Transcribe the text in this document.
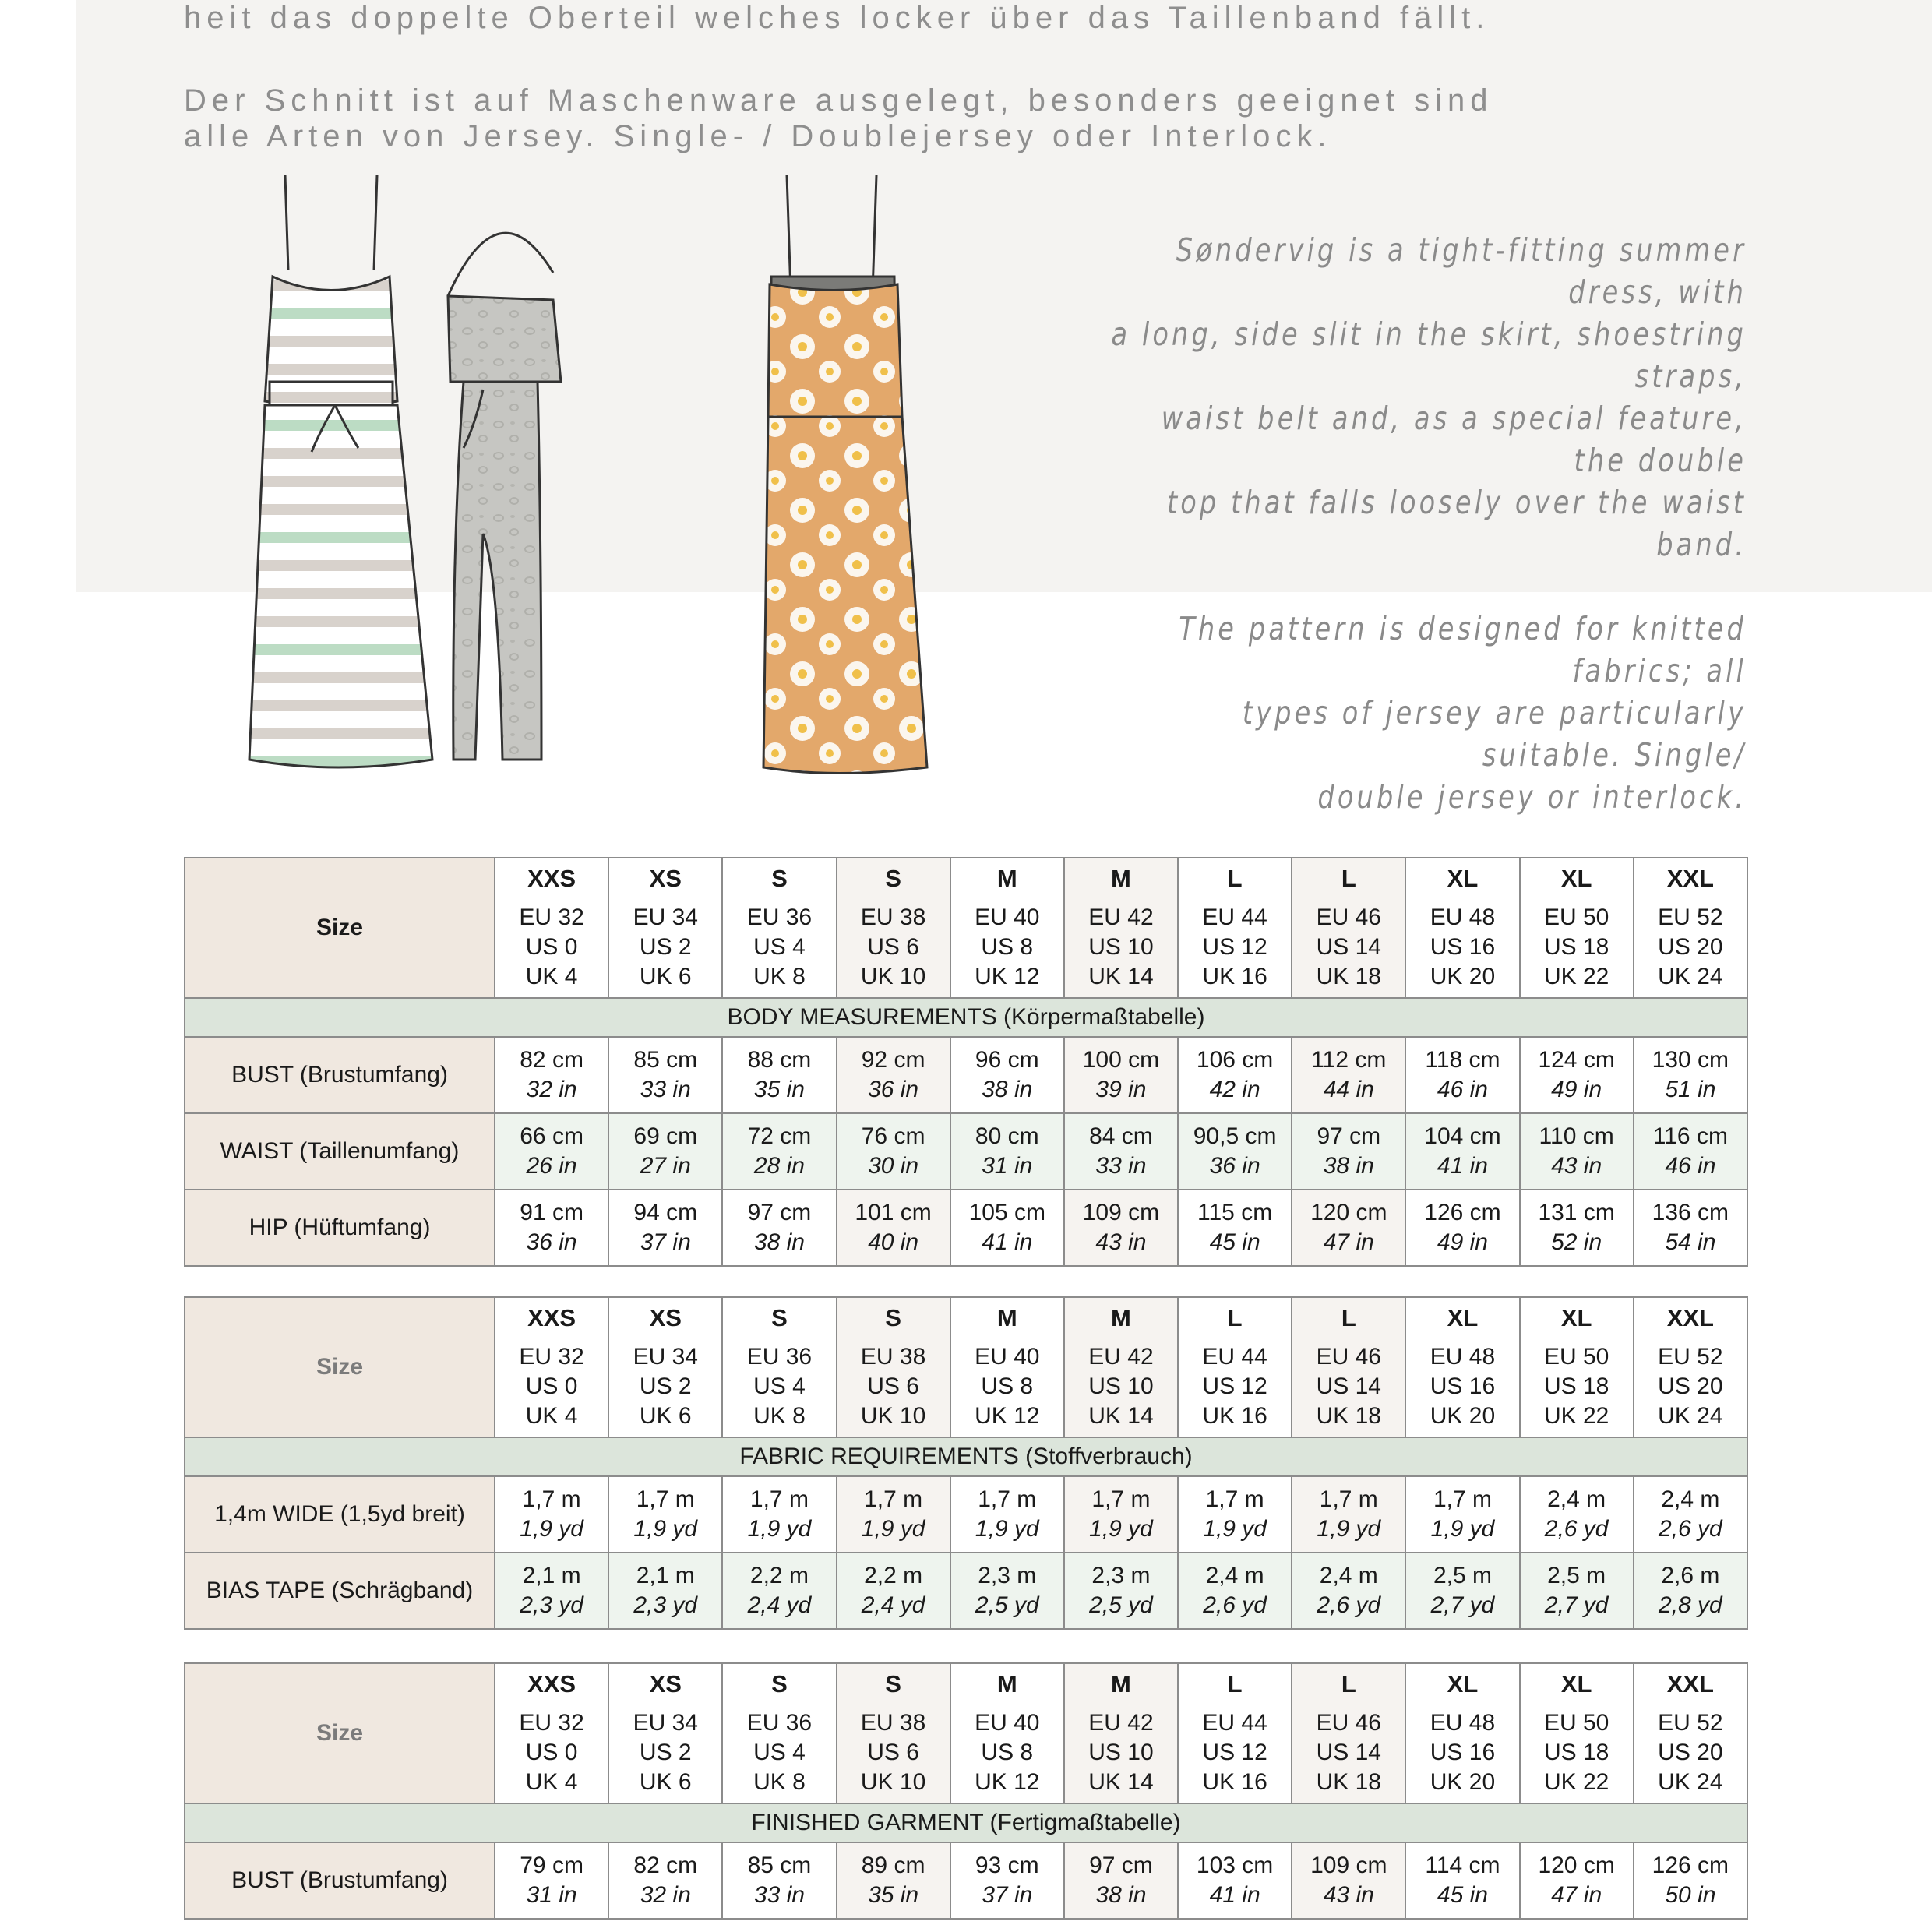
heit das doppelte Oberteil welches locker über das Taillenband fällt.

Der Schnitt ist auf Maschenware ausgelegt, besonders geeignet sind

alle Arten von Jersey. Single- / Doublejersey oder Interlock.

Søndervig is a tight-fitting summer dress, with

a long, side slit in the skirt, shoestring straps,

waist belt and, as a special feature, the double

top that falls loosely over the waist band.

The pattern is designed for knitted fabrics; all

types of jersey are particularly suitable. Single/

double jersey or interlock.

Size	XXS
EU 32
US 0
UK 4	XS
EU 34
US 2
UK 6	S
EU 36
US 4
UK 8	S
EU 38
US 6
UK 10	M
EU 40
US 8
UK 12	M
EU 42
US 10
UK 14	L
EU 44
US 12
UK 16	L
EU 46
US 14
UK 18	XL
EU 48
US 16
UK 20	XL
EU 50
US 18
UK 22	XXL
EU 52
US 20
UK 24
BODY MEASUREMENTS (Körpermaßtabelle)											
BUST (Brustumfang)	82 cm
32 in	85 cm
33 in	88 cm
35 in	92 cm
36 in	96 cm
38 in	100 cm
39 in	106 cm
42 in	112 cm
44 in	118 cm
46 in	124 cm
49 in	130 cm
51 in

WAIST (Taillenumfang)	66 cm
26 in	69 cm
27 in	72 cm
28 in	76 cm
30 in	80 cm
31 in	84 cm
33 in	90,5 cm
36 in	97 cm
38 in	104 cm
41 in	110 cm
43 in	116 cm
46 in

HIP (Hüftumfang)	91 cm
36 in	94 cm
37 in	97 cm
38 in	101 cm
40 in	105 cm
41 in	109 cm
43 in	115 cm
45 in	120 cm
47 in	126 cm
49 in	131 cm
52 in	136 cm
54 in
Size	XXS
EU 32
US 0
UK 4	XS
EU 34
US 2
UK 6	S
EU 36
US 4
UK 8	S
EU 38
US 6
UK 10	M
EU 40
US 8
UK 12	M
EU 42
US 10
UK 14	L
EU 44
US 12
UK 16	L
EU 46
US 14
UK 18	XL
EU 48
US 16
UK 20	XL
EU 50
US 18
UK 22	XXL
EU 52
US 20
UK 24
FABRIC REQUIREMENTS (Stoffverbrauch)											
1,4m WIDE (1,5yd breit)	1,7 m
1,9 yd	1,7 m
1,9 yd	1,7 m
1,9 yd	1,7 m
1,9 yd	1,7 m
1,9 yd	1,7 m
1,9 yd	1,7 m
1,9 yd	1,7 m
1,9 yd	1,7 m
1,9 yd	2,4 m
2,6 yd	2,4 m
2,6 yd

BIAS TAPE (Schrägband)	2,1 m
2,3 yd	2,1 m
2,3 yd	2,2 m
2,4 yd	2,2 m
2,4 yd	2,3 m
2,5 yd	2,3 m
2,5 yd	2,4 m
2,6 yd	2,4 m
2,6 yd	2,5 m
2,7 yd	2,5 m
2,7 yd	2,6 m
2,8 yd
Size	XXS
EU 32
US 0
UK 4	XS
EU 34
US 2
UK 6	S
EU 36
US 4
UK 8	S
EU 38
US 6
UK 10	M
EU 40
US 8
UK 12	M
EU 42
US 10
UK 14	L
EU 44
US 12
UK 16	L
EU 46
US 14
UK 18	XL
EU 48
US 16
UK 20	XL
EU 50
US 18
UK 22	XXL
EU 52
US 20
UK 24
FINISHED GARMENT (Fertigmaßtabelle)											
BUST (Brustumfang)	79 cm
31 in	82 cm
32 in	85 cm
33 in	89 cm
35 in	93 cm
37 in	97 cm
38 in	103 cm
41 in	109 cm
43 in	114 cm
45 in	120 cm
47 in	126 cm
50 in
